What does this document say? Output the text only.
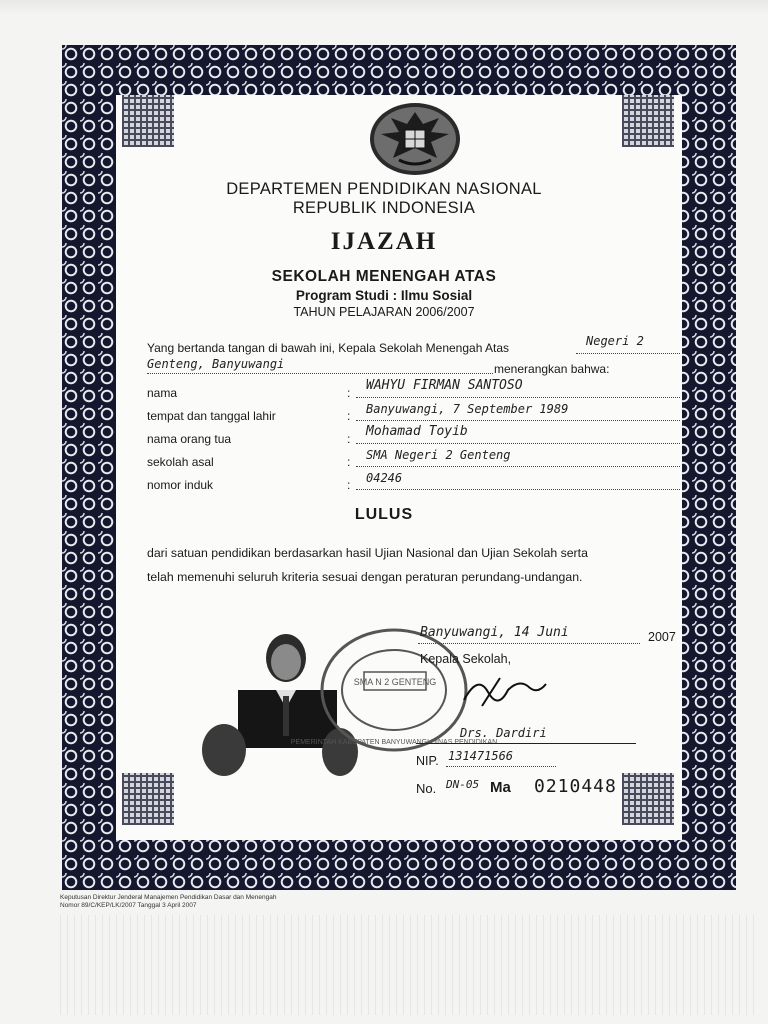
DEPARTEMEN PENDIDIKAN NASIONAL
REPUBLIK INDONESIA
IJAZAH
SEKOLAH MENENGAH ATAS
Program Studi : Ilmu Sosial
TAHUN PELAJARAN 2006/2007
Yang bertanda tangan di bawah ini, Kepala Sekolah Menengah Atas	Negeri 2
Genteng, Banyuwangi	menerangkan bahwa:
nama	: WAHYU FIRMAN SANTOSO
tempat dan tanggal lahir	: Banyuwangi, 7 September 1989
nama orang tua	: Mohamad Toyib
sekolah asal	: SMA Negeri 2 Genteng
nomor induk	: 04246
LULUS
dari satuan pendidikan berdasarkan hasil Ujian Nasional dan Ujian Sekolah serta
telah memenuhi seluruh kriteria sesuai dengan peraturan perundang-undangan.
SMA N 2 GENTENG
PEMERINTAH KABUPATEN BANYUWANGI DINAS PENDIDIKAN
Banyuwangi, 14 Juni	2007
Kepala Sekolah,
Drs. Dardiri
NIP. 131471566
No. DN-05 Ma 0210448
Keputusan Direktur Jenderal Manajemen Pendidikan Dasar dan Menengah
Nomor 89/C/KEP/LK/2007 Tanggal 3 April 2007
